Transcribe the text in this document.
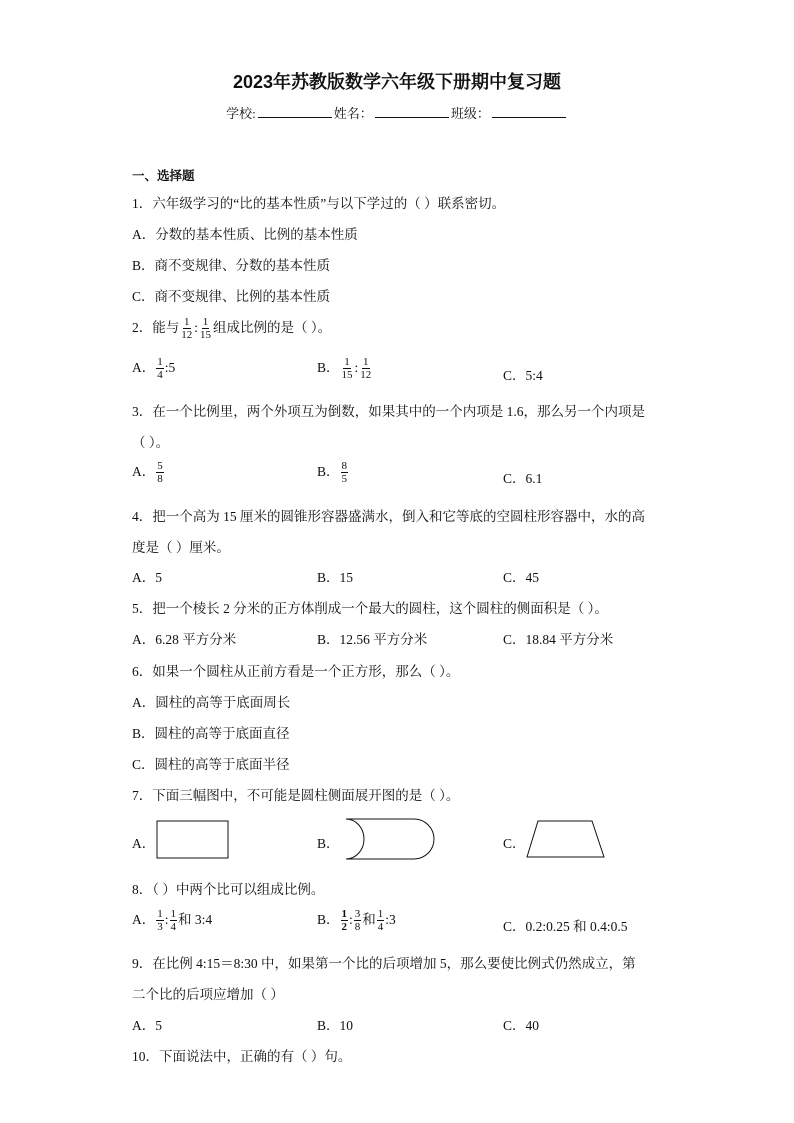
2023年苏教版数学六年级下册期中复习题
学校:	姓名：	班级：
一、选择题
1．六年级学习的“比的基本性质”与以下学过的（ ）联系密切。
A．分数的基本性质、比例的基本性质
B．商不变规律、分数的基本性质
C．商不变规律、比例的基本性质
2．能与 $\frac{1}{12}$ : $\frac{1}{15}$ 组成比例的是（ ）。
A． $\frac{1}{4}$ :5	B． $\frac{1}{15}$ : $\frac{1}{12}$	C．5:4
3．在一个比例里，两个外项互为倒数，如果其中的一个内项是 1.6，那么另一个内项是
（ ）。
A． $\frac{5}{8}$	B． $\frac{8}{5}$	C．6.1
4．把一个高为 15 厘米的圆锥形容器盛满水，倒入和它等底的空圆柱形容器中，水的高
度是（ ）厘米。
A．5	B．15	C．45
5．把一个棱长 2 分米的正方体削成一个最大的圆柱，这个圆柱的侧面积是（ ）。
A．6.28 平方分米	B．12.56 平方分米	C．18.84 平方分米
6．如果一个圆柱从正前方看是一个正方形，那么（ ）。
A．圆柱的高等于底面周长
B．圆柱的高等于底面直径
C．圆柱的高等于底面半径
7．下面三幅图中，不可能是圆柱侧面展开图的是（ ）。
A．	B．	C．
8．（ ）中两个比可以组成比例。
A． $\frac{1}{3}$ : $\frac{1}{4}$ 和 3:4	B． $\frac{1}{2}$ : $\frac{3}{8}$ 和 $\frac{1}{4}$ :3	C．0.2:0.25 和 0.4:0.5
9．在比例 4:15＝8:30 中，如果第一个比的后项增加 5，那么要使比例式仍然成立，第
二个比的后项应增加（ ）
A．5	B．10	C．40
10．下面说法中，正确的有（ ）句。
